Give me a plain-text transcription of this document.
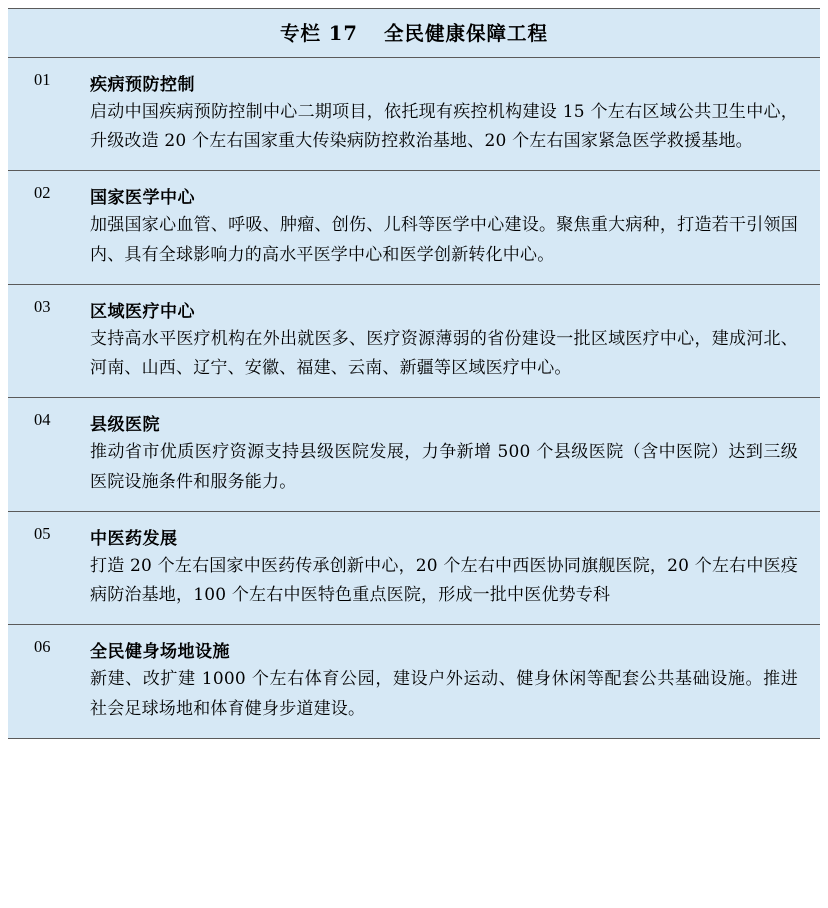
专栏 17 全民健康保障工程	
01	疾病预防控制
启动中国疾病预防控制中心二期项目，依托现有疾控机构建设 15 个左右区域公共卫生中心，升级改造 20 个左右国家重大传染病防控救治基地、20 个左右国家紧急医学救援基地。

02	国家医学中心
加强国家心血管、呼吸、肿瘤、创伤、儿科等医学中心建设。聚焦重大病种，打造若干引领国内、具有全球影响力的高水平医学中心和医学创新转化中心。

03	区域医疗中心
支持高水平医疗机构在外出就医多、医疗资源薄弱的省份建设一批区域医疗中心，建成河北、河南、山西、辽宁、安徽、福建、云南、新疆等区域医疗中心。

04	县级医院
推动省市优质医疗资源支持县级医院发展，力争新增 500 个县级医院（含中医院）达到三级医院设施条件和服务能力。

05	中医药发展
打造 20 个左右国家中医药传承创新中心，20 个左右中西医协同旗舰医院，20 个左右中医疫病防治基地，100 个左右中医特色重点医院，形成一批中医优势专科

06	全民健身场地设施
新建、改扩建 1000 个左右体育公园，建设户外运动、健身休闲等配套公共基础设施。推进社会足球场地和体育健身步道建设。
